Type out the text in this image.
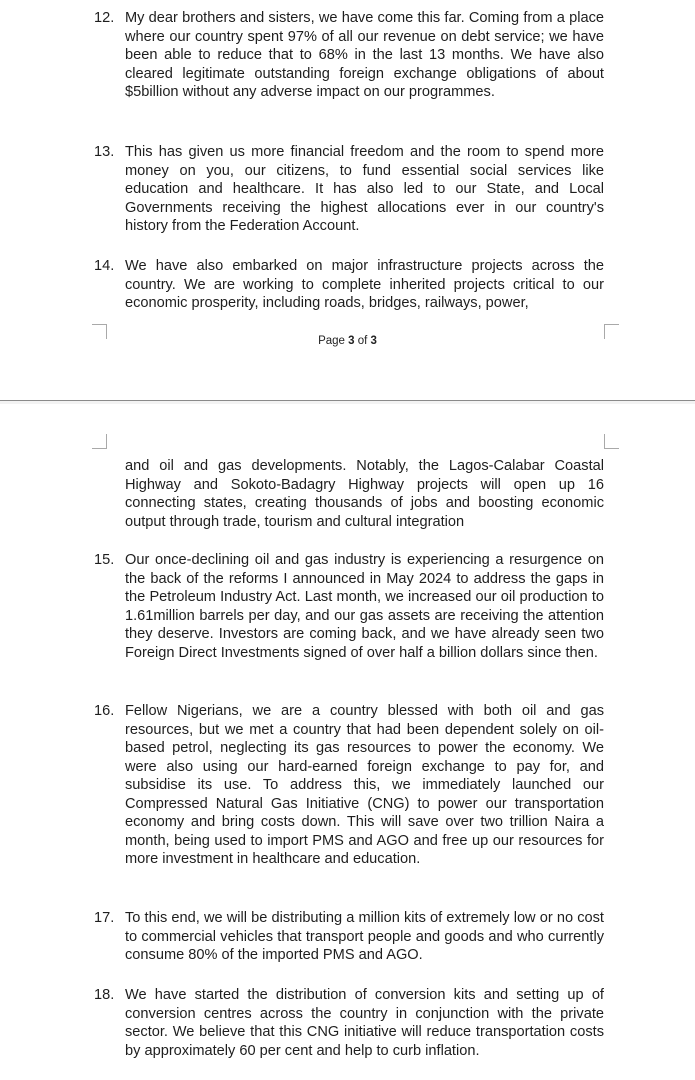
12. My dear brothers and sisters, we have come this far. Coming from a place where our country spent 97% of all our revenue on debt service; we have been able to reduce that to 68% in the last 13 months. We have also cleared legitimate outstanding foreign exchange obligations of about $5billion without any adverse impact on our programmes.
13. This has given us more financial freedom and the room to spend more money on you, our citizens, to fund essential social services like education and healthcare. It has also led to our State, and Local Governments receiving the highest allocations ever in our country's history from the Federation Account.
14. We have also embarked on major infrastructure projects across the country. We are working to complete inherited projects critical to our economic prosperity, including roads, bridges, railways, power,
Page 3 of 3
and oil and gas developments. Notably, the Lagos-Calabar Coastal Highway and Sokoto-Badagry Highway projects will open up 16 connecting states, creating thousands of jobs and boosting economic output through trade, tourism and cultural integration
15. Our once-declining oil and gas industry is experiencing a resurgence on the back of the reforms I announced in May 2024 to address the gaps in the Petroleum Industry Act. Last month, we increased our oil production to 1.61million barrels per day, and our gas assets are receiving the attention they deserve. Investors are coming back, and we have already seen two Foreign Direct Investments signed of over half a billion dollars since then.
16. Fellow Nigerians, we are a country blessed with both oil and gas resources, but we met a country that had been dependent solely on oil-based petrol, neglecting its gas resources to power the economy. We were also using our hard-earned foreign exchange to pay for, and subsidise its use. To address this, we immediately launched our Compressed Natural Gas Initiative (CNG) to power our transportation economy and bring costs down. This will save over two trillion Naira a month, being used to import PMS and AGO and free up our resources for more investment in healthcare and education.
17. To this end, we will be distributing a million kits of extremely low or no cost to commercial vehicles that transport people and goods and who currently consume 80% of the imported PMS and AGO.
18. We have started the distribution of conversion kits and setting up of conversion centres across the country in conjunction with the private sector. We believe that this CNG initiative will reduce transportation costs by approximately 60 per cent and help to curb inflation.
